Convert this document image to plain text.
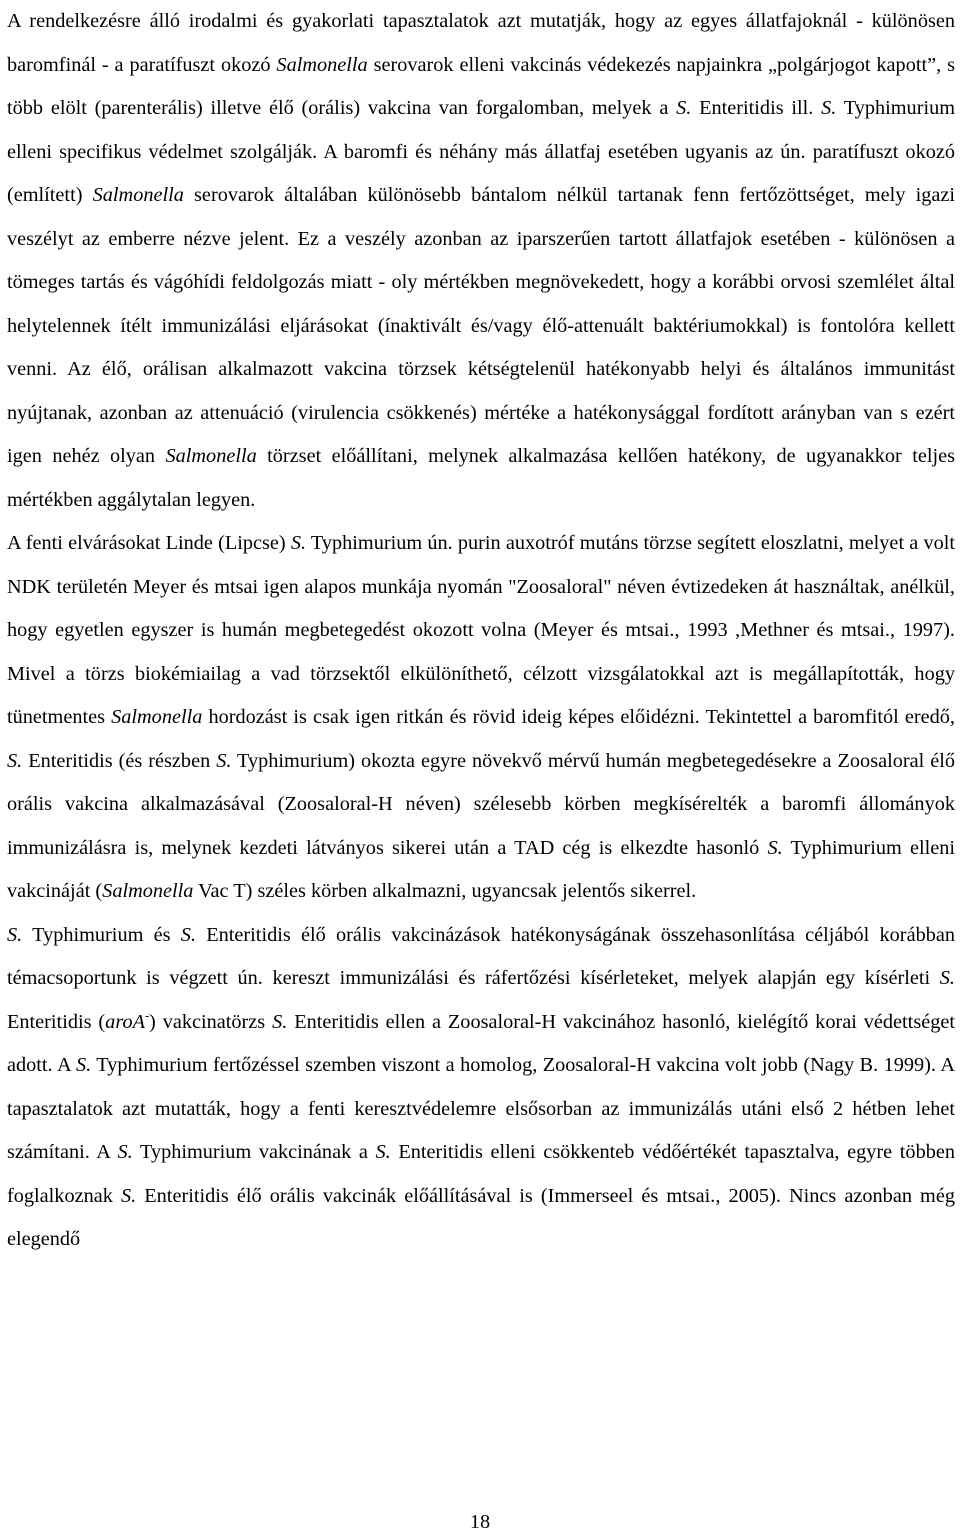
A rendelkezésre álló irodalmi és gyakorlati tapasztalatok azt mutatják, hogy az egyes állatfajoknál - különösen baromfinál - a paratífuszt okozó Salmonella serovarok elleni vakcinás védekezés napjainkra „polgárjogot kapott”, s több elölt (parenterális) illetve élő (orális) vakcina van forgalomban, melyek a S. Enteritidis ill. S. Typhimurium elleni specifikus védelmet szolgálják. A baromfi és néhány más állatfaj esetében ugyanis az ún. paratífuszt okozó (említett) Salmonella serovarok általában különösebb bántalom nélkül tartanak fenn fertőzöttséget, mely igazi veszélyt az emberre nézve jelent. Ez a veszély azonban az iparszerűen tartott állatfajok esetében - különösen a tömeges tartás és vágóhídi feldolgozás miatt - oly mértékben megnövekedett, hogy a korábbi orvosi szemlélet által helytelennek ítélt immunizálási eljárásokat (ínaktivált és/vagy élő-attenuált baktériumokkal) is fontolóra kellett venni. Az élő, orálisan alkalmazott vakcina törzsek kétségtelenül hatékonyabb helyi és általános immunitást nyújtanak, azonban az attenuáció (virulencia csökkenés) mértéke a hatékonysággal fordított arányban van s ezért igen nehéz olyan Salmonella törzset előállítani, melynek alkalmazása kellően hatékony, de ugyanakkor teljes mértékben aggálytalan legyen.
A fenti elvárásokat Linde (Lipcse) S. Typhimurium ún. purin auxotróf mutáns törzse segített eloszlatni, melyet a volt NDK területén Meyer és mtsai igen alapos munkája nyomán "Zoosaloral" néven évtizedeken át használtak, anélkül, hogy egyetlen egyszer is humán megbetegedést okozott volna (Meyer és mtsai., 1993 ,Methner és mtsai., 1997). Mivel a törzs biokémiailag a vad törzsektől elkülöníthető, célzott vizsgálatokkal azt is megállapították, hogy tünetmentes Salmonella hordozást is csak igen ritkán és rövid ideig képes előidézni. Tekintettel a baromfitól eredő, S. Enteritidis (és részben S. Typhimurium) okozta egyre növekvő mérvű humán megbetegedésekre a Zoosaloral élő orális vakcina alkalmazásával (Zoosaloral-H néven) szélesebb körben megkísérelték a baromfi állományok immunizálásra is, melynek kezdeti látványos sikerei után a TAD cég is elkezdte hasonló S. Typhimurium elleni vakcináját (Salmonella Vac T) széles körben alkalmazni, ugyancsak jelentős sikerrel.
S. Typhimurium és S. Enteritidis élő orális vakcinázások hatékonyságának összehasonlítása céljából korábban témacsoportunk is végzett ún. kereszt immunizálási és ráfertőzési kísérleteket, melyek alapján egy kísérleti S. Enteritidis (aroA-) vakcinatörzs S. Enteritidis ellen a Zoosaloral-H vakcinához hasonló, kielégítő korai védettséget adott. A S. Typhimurium fertőzéssel szemben viszont a homolog, Zoosaloral-H vakcina volt jobb (Nagy B. 1999). A tapasztalatok azt mutatták, hogy a fenti keresztvédelemre elsősorban az immunizálás utáni első 2 hétben lehet számítani. A S. Typhimurium vakcinának a S. Enteritidis elleni csökkenteb védőértékét tapasztalva, egyre többen foglalkoznak S. Enteritidis élő orális vakcinák előállításával is (Immerseel és mtsai., 2005). Nincs azonban még elegendő
18
